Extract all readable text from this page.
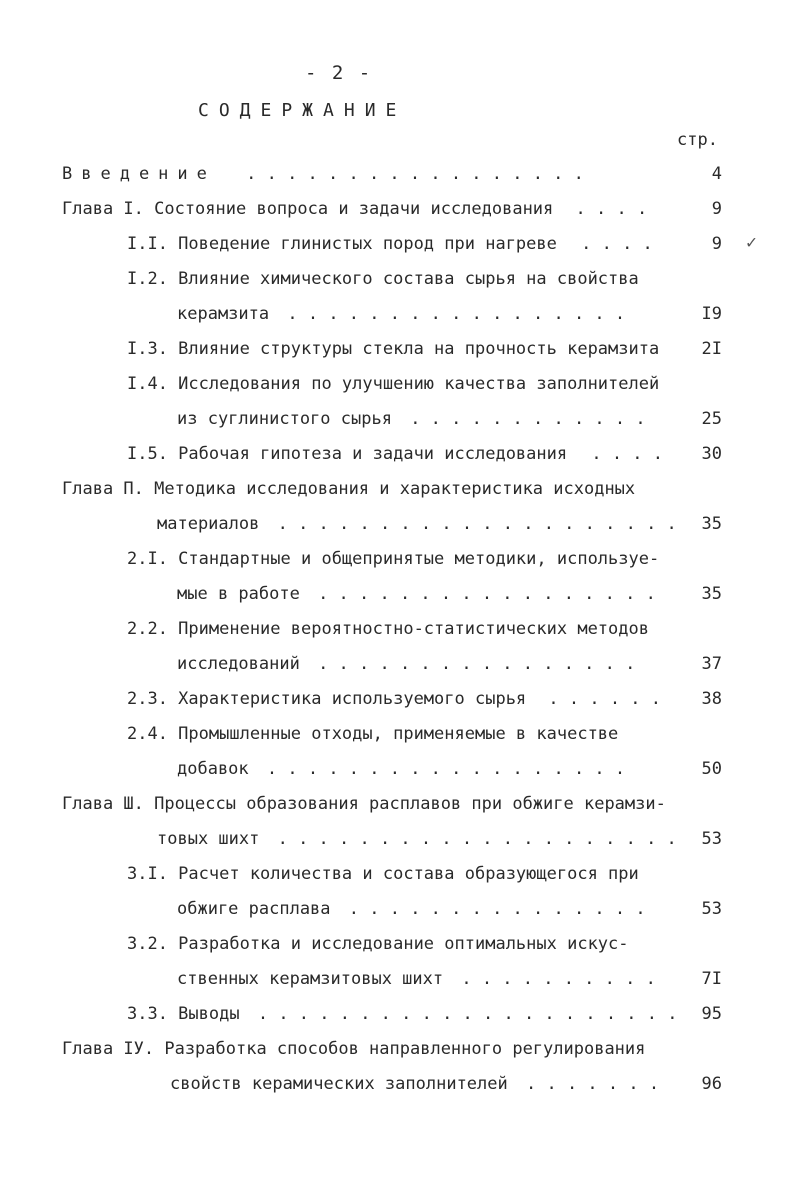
- 2 -
СОДЕРЖАНИЕ
стр.
✓
Введение . . . . . . . . . . . . . . . . .	4
Глава I. Состояние вопроса и задачи исследования . . . .	9
I.I. Поведение глинистых пород при нагреве . . . .	9
I.2. Влияние химического состава сырья на свойства
керамзита . . . . . . . . . . . . . . . . .	I9
I.3. Влияние структуры стекла на прочность керамзита	2I
I.4. Исследования по улучшению качества заполнителей
из суглинистого сырья . . . . . . . . . . . .	25
I.5. Рабочая гипотеза и задачи исследования . . . .	30
Глава П. Методика исследования и характеристика исходных
материалов . . . . . . . . . . . . . . . . . . . .	35
2.I. Стандартные и общепринятые методики, используе-
мые в работе . . . . . . . . . . . . . . . . .	35
2.2. Применение вероятностно-статистических методов
исследований . . . . . . . . . . . . . . . .	37
2.3. Характеристика используемого сырья . . . . . .	38
2.4. Промышленные отходы, применяемые в качестве
добавок . . . . . . . . . . . . . . . . . .	50
Глава Ш. Процессы образования расплавов при обжиге керамзи-
товых шихт . . . . . . . . . . . . . . . . . . . .	53
3.I. Расчет количества и состава образующегося при
обжиге расплава . . . . . . . . . . . . . . .	53
3.2. Разработка и исследование оптимальных искус-
ственных керамзитовых шихт . . . . . . . . . .	7I
3.3. Выводы . . . . . . . . . . . . . . . . . . . . .	95
Глава IУ. Разработка способов направленного регулирования
свойств керамических заполнителей . . . . . . .	96
